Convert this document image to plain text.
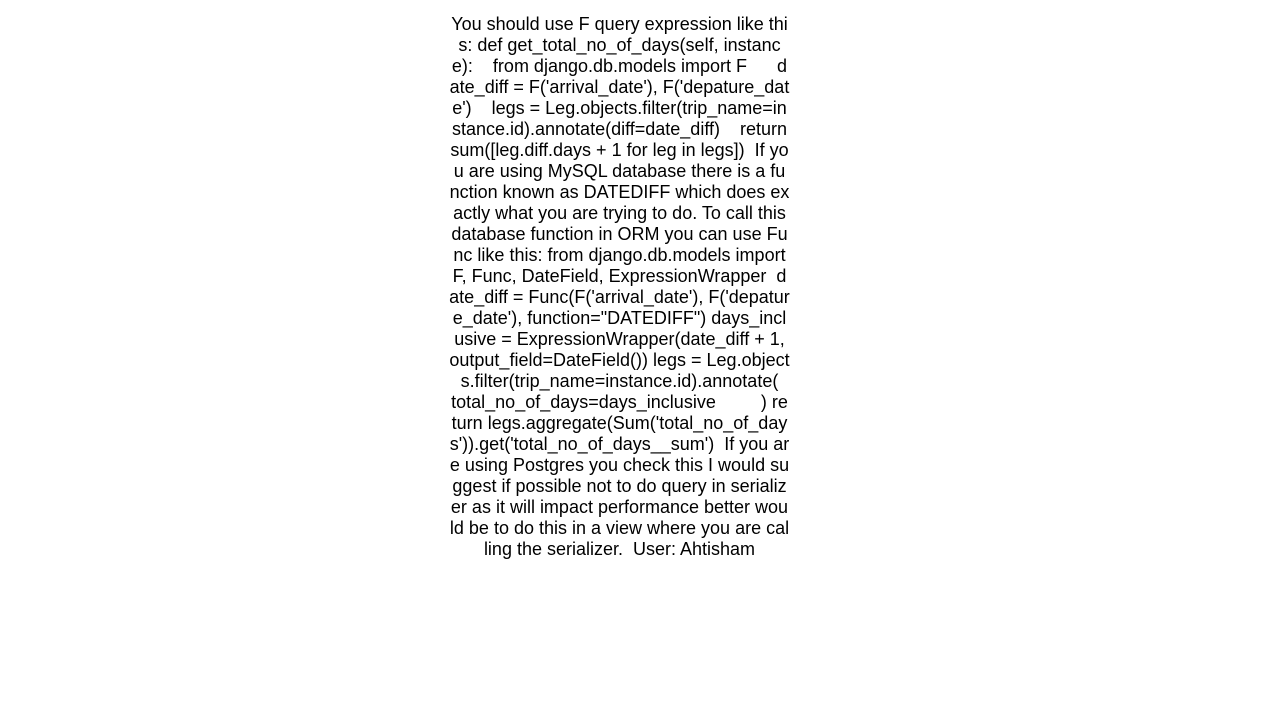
You should use F query expression like this: def get_total_no_of_days(self, instance):    from django.db.models import F      date_diff = F('arrival_date'), F('depature_date')    legs = Leg.objects.filter(trip_name=instance.id).annotate(diff=date_diff)    return sum([leg.diff.days + 1 for leg in legs])  If you are using MySQL database there is a function known as DATEDIFF which does exactly what you are trying to do. To call this database function in ORM you can use Func like this: from django.db.models import F, Func, DateField, ExpressionWrapper  date_diff = Func(F('arrival_date'), F('depature_date'), function="DATEDIFF") days_inclusive = ExpressionWrapper(date_diff + 1, output_field=DateField()) legs = Leg.objects.filter(trip_name=instance.id).annotate(     total_no_of_days=days_inclusive         ) return legs.aggregate(Sum('total_no_of_days')).get('total_no_of_days__sum')  If you are using Postgres you check this I would suggest if possible not to do query in serializer as it will impact performance better would be to do this in a view where you are calling the serializer.  User: Ahtisham
